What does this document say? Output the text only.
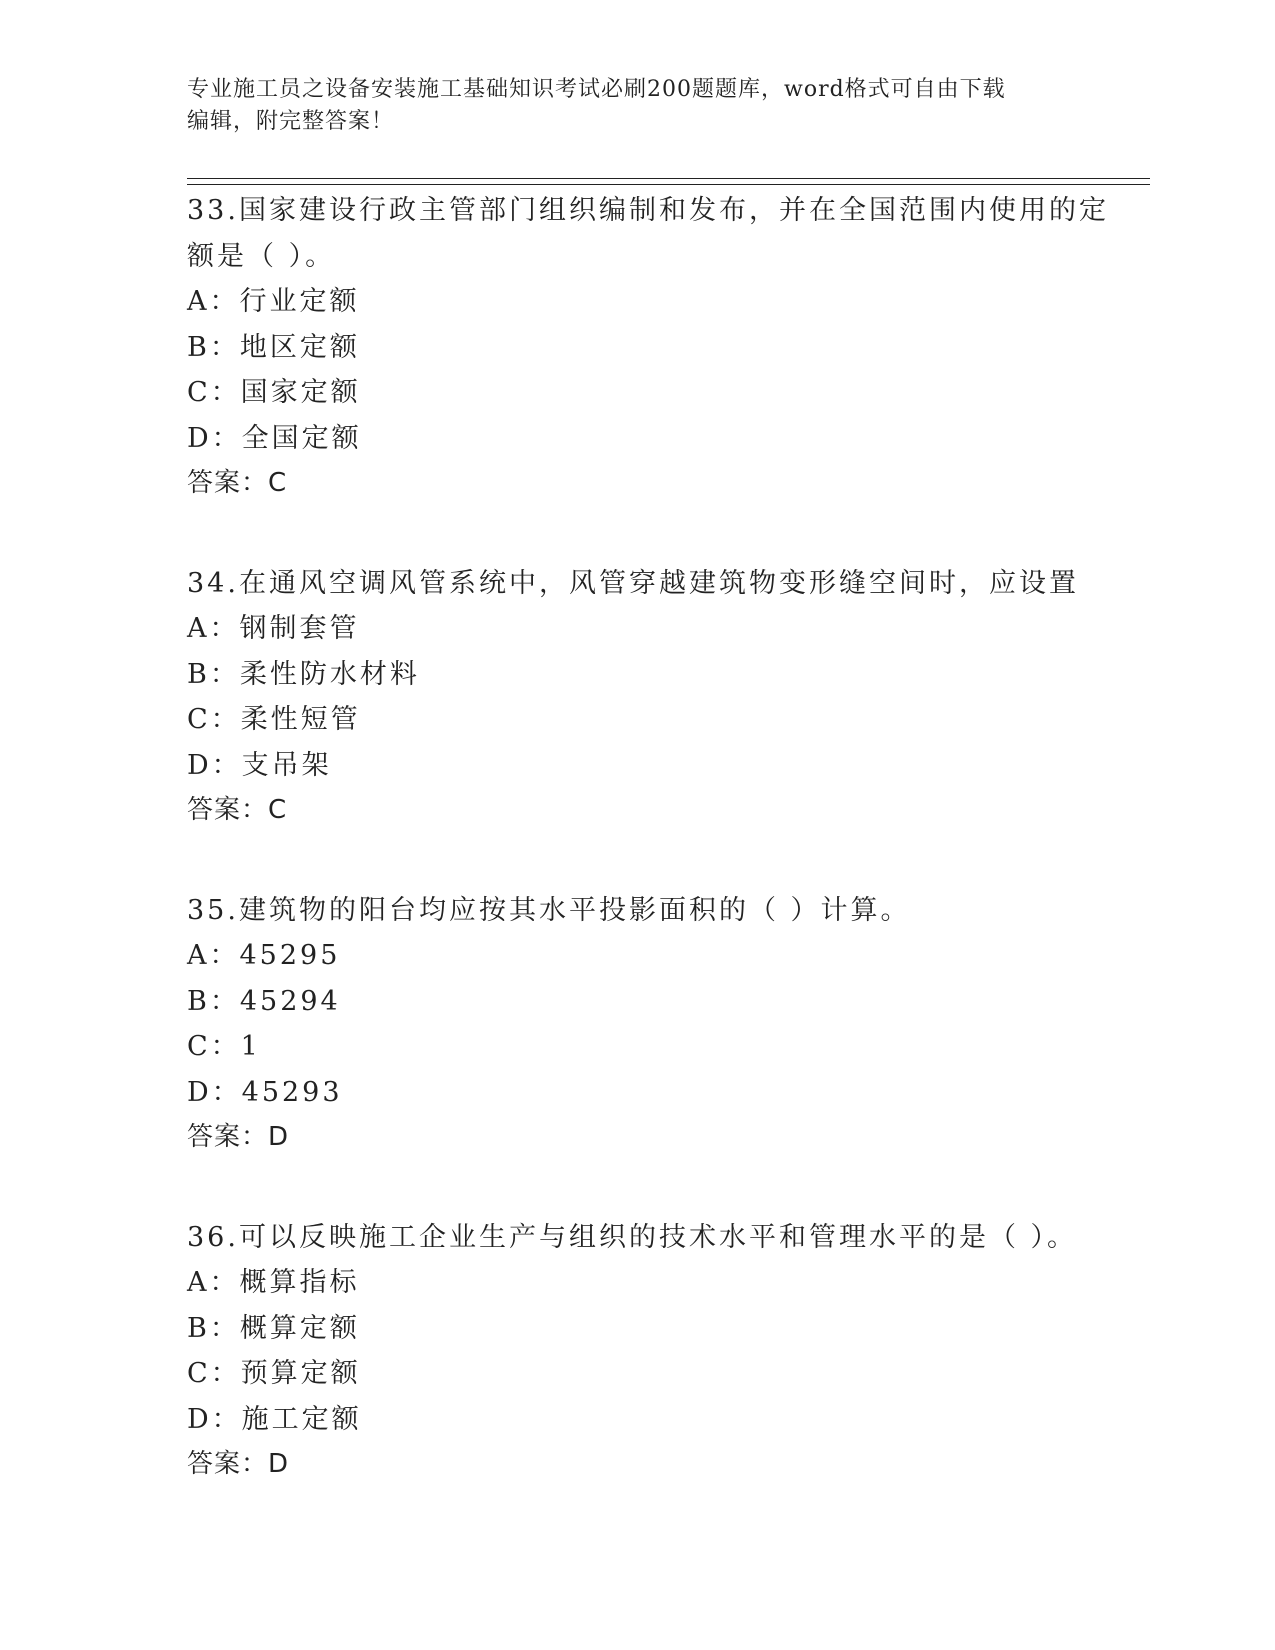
专业施工员之设备安装施工基础知识考试必刷200题题库，word格式可自由下载
编辑，附完整答案！
33.国家建设行政主管部门组织编制和发布，并在全国范围内使用的定
额是（ ）。
A：行业定额
B：地区定额
C：国家定额
D：全国定额
答案：C
34.在通风空调风管系统中，风管穿越建筑物变形缝空间时，应设置
A：钢制套管
B：柔性防水材料
C：柔性短管
D：支吊架
答案：C
35.建筑物的阳台均应按其水平投影面积的（ ）计算。
A：45295
B：45294
C：1
D：45293
答案：D
36.可以反映施工企业生产与组织的技术水平和管理水平的是（ ）。
A：概算指标
B：概算定额
C：预算定额
D：施工定额
答案：D
